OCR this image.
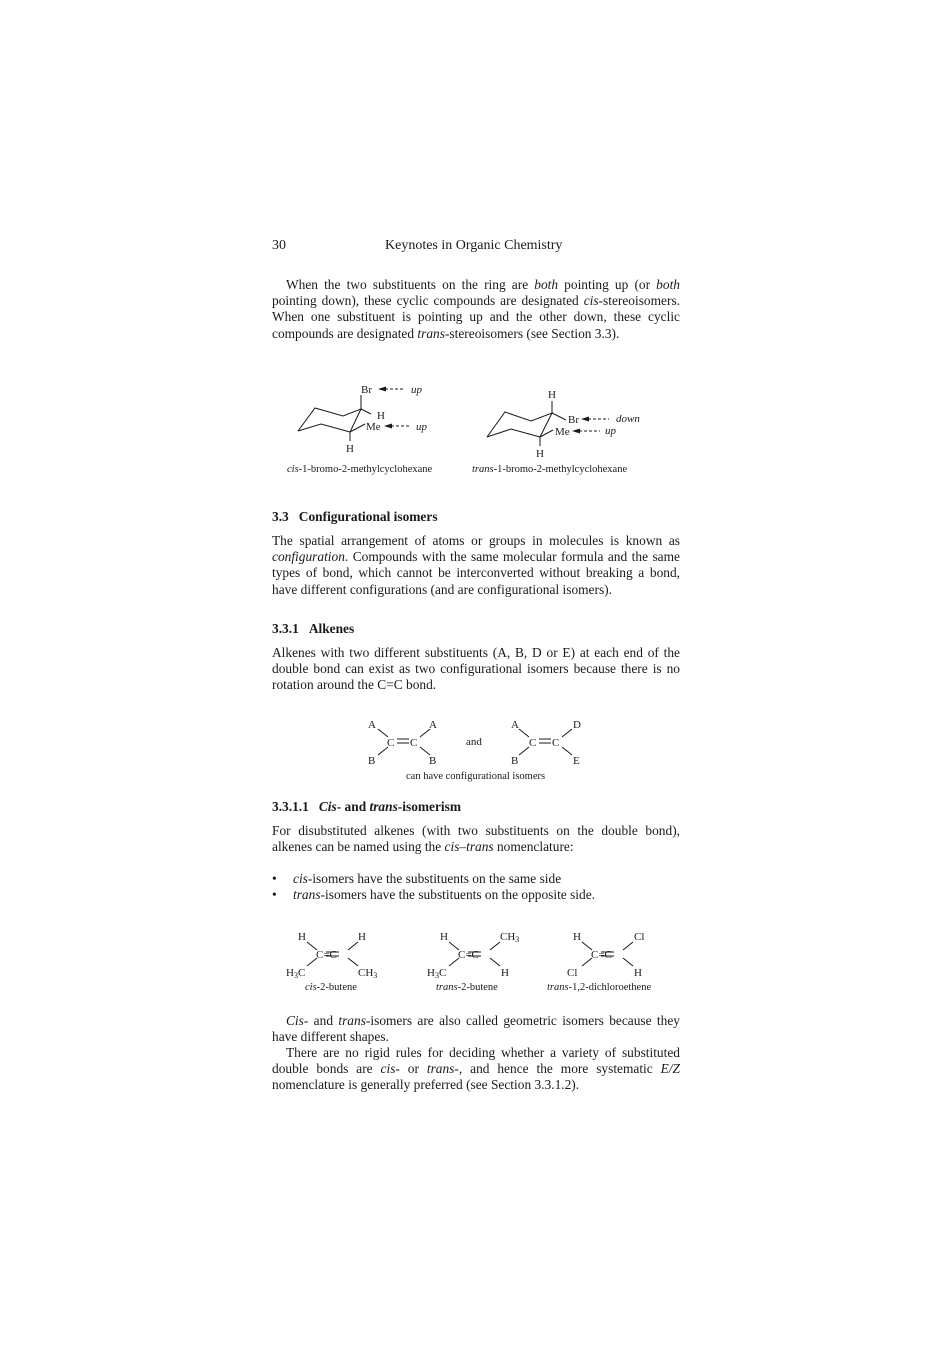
30	Keynotes in Organic Chemistry
When the two substituents on the ring are both pointing up (or both pointing down), these cyclic compounds are designated cis-stereoisomers. When one substituent is pointing up and the other down, these cyclic compounds are designated trans-stereoisomers (see Section 3.3).
Br
H
Me
H
up
up
cis-1-bromo-2-methylcyclohexane
H
Br
Me
H
down
up
trans-1-bromo-2-methylcyclohexane
3.3 Configurational isomers
The spatial arrangement of atoms or groups in molecules is known as configuration. Compounds with the same molecular formula and the same types of bond, which cannot be interconverted without breaking a bond, have different configurations (and are configurational isomers).
3.3.1 Alkenes
Alkenes with two different substituents (A, B, D or E) at each end of the double bond can exist as two configurational isomers because there is no rotation around the C=C bond.
A	A
B	B
C C	and
A	D
B	E
C C
can have configurational isomers
3.3.1.1 Cis- and trans-isomerism
For disubstituted alkenes (with two substituents on the double bond), alkenes can be named using the cis–trans nomenclature:
• cis-isomers have the substituents on the same side
• trans-isomers have the substituents on the opposite side.
H	H
H3C	CH3
C=C
cis-2-butene
H	CH3
H3C	H
C=C
trans-2-butene
H	Cl
Cl	H
C=C
trans-1,2-dichloroethene
Cis- and trans-isomers are also called geometric isomers because they have different shapes.
There are no rigid rules for deciding whether a variety of substituted double bonds are cis- or trans-, and hence the more systematic E/Z nomenclature is generally preferred (see Section 3.3.1.2).
